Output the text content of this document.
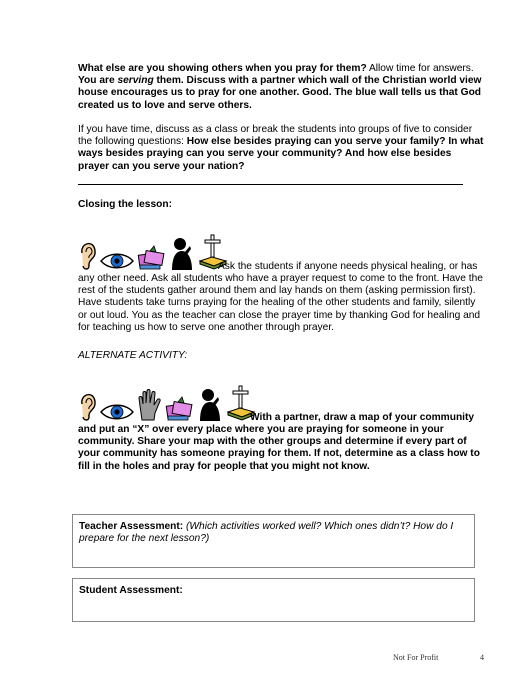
What else are you showing others when you pray for them? Allow time for answers. You are serving them. Discuss with a partner which wall of the Christian world view house encourages us to pray for one another. Good. The blue wall tells us that God created us to love and serve others.
If you have time, discuss as a class or break the students into groups of five to consider the following questions: How else besides praying can you serve your family? In what ways besides praying can you serve your community? And how else besides prayer can you serve your nation?
Closing the lesson:
Ask the students if anyone needs physical healing, or has
any other need. Ask all students who have a prayer request to come to the front. Have the rest of the students gather around them and lay hands on them (asking permission first). Have students take turns praying for the healing of the other students and family, silently or out loud. You as the teacher can close the prayer time by thanking God for healing and for teaching us how to serve one another through prayer.
ALTERNATE ACTIVITY:
With a partner, draw a map of your community
and put an “X” over every place where you are praying for someone in your community. Share your map with the other groups and determine if every part of your community has someone praying for them. If not, determine as a class how to fill in the holes and pray for people that you might not know.
Teacher Assessment: (Which activities worked well? Which ones didn’t? How do I prepare for the next lesson?)
Student Assessment:
Not For Profit	4
